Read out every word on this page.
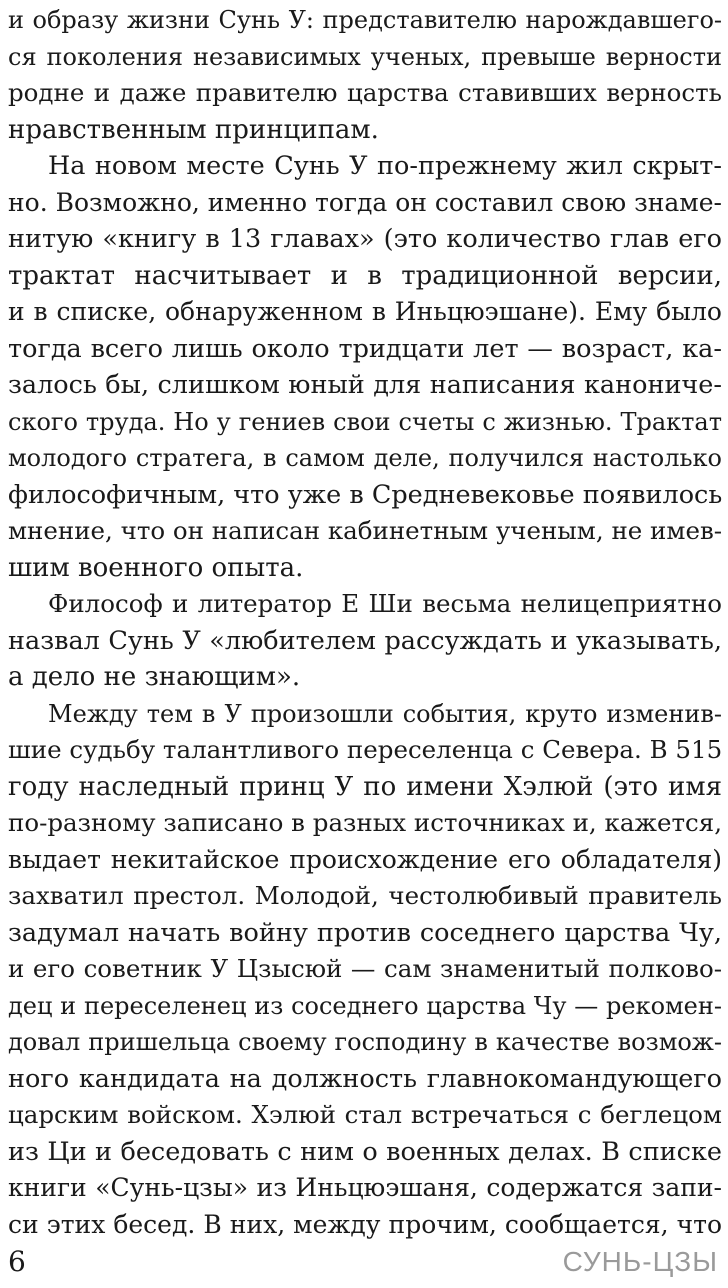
и образу жизни Сунь У: представителю нарождавшего-
ся поколения независимых ученых, превыше верности
родне и даже правителю царства ставивших верность
нравственным принципам.
На новом месте Сунь У по-прежнему жил скрыт-
но. Возможно, именно тогда он составил свою знаме-
нитую «книгу в 13 главах» (это количество глав его
трактат насчитывает и в традиционной версии,
и в списке, обнаруженном в Иньцюэшане). Ему было
тогда всего лишь около тридцати лет — возраст, ка-
залось бы, слишком юный для написания канониче-
ского труда. Но у гениев свои счеты с жизнью. Трактат
молодого стратега, в самом деле, получился настолько
философичным, что уже в Средневековье появилось
мнение, что он написан кабинетным ученым, не имев-
шим военного опыта.
Философ и литератор Е Ши весьма нелицеприятно
назвал Сунь У «любителем рассуждать и указывать,
а дело не знающим».
Между тем в У произошли события, круто изменив-
шие судьбу талантливого переселенца с Севера. В 515
году наследный принц У по имени Хэлюй (это имя
по-разному записано в разных источниках и, кажется,
выдает некитайское происхождение его обладателя)
захватил престол. Молодой, честолюбивый правитель
задумал начать войну против соседнего царства Чу,
и его советник У Цзысюй — сам знаменитый полково-
дец и переселенец из соседнего царства Чу — рекомен-
довал пришельца своему господину в качестве возмож-
ного кандидата на должность главнокомандующего
царским войском. Хэлюй стал встречаться с беглецом
из Ци и беседовать с ним о военных делах. В списке
книги «Сунь-цзы» из Иньцюэшаня, содержатся запи-
си этих бесед. В них, между прочим, сообщается, что
6	СУНЬ-ЦЗЫ
